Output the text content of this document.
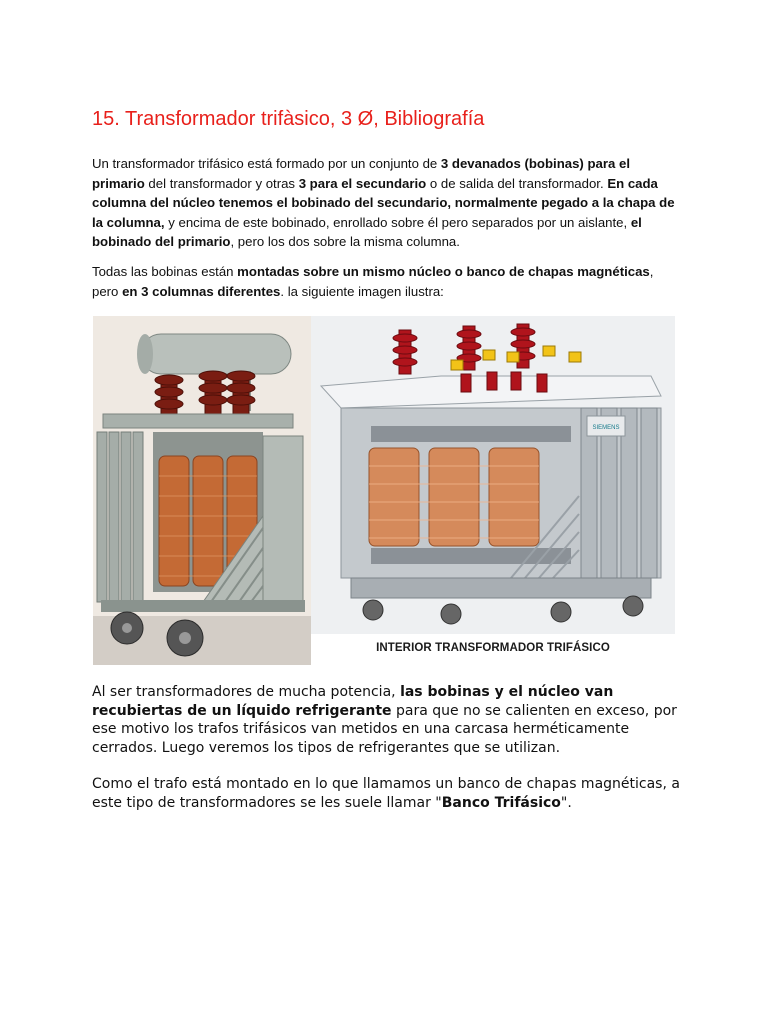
15. Transformador trifàsico, 3 Ø, Bibliografía

Un transformador trifásico está formado por un conjunto de 3 devanados (bobinas) para el primario del transformador y otras 3 para el secundario o de salida del transformador. En cada columna del núcleo tenemos el bobinado del secundario, normalmente pegado a la chapa de la columna, y encima de este bobinado, enrollado sobre él pero separados por un aislante, el bobinado del primario, pero los dos sobre la misma columna.

Todas las bobinas están montadas sobre un mismo núcleo o banco de chapas magnéticas, pero en 3 columnas diferentes. la siguiente imagen ilustra:

SIEMENS
INTERIOR TRANSFORMADOR TRIFÁSICO

Al ser transformadores de mucha potencia, las bobinas y el núcleo van recubiertas de un líquido refrigerante para que no se calienten en exceso, por ese motivo los trafos trifásicos van metidos en una carcasa herméticamente cerrados. Luego veremos los tipos de refrigerantes que se utilizan.

Como el trafo está montado en lo que llamamos un banco de chapas magnéticas, a este tipo de transformadores se les suele llamar "Banco Trifásico".
